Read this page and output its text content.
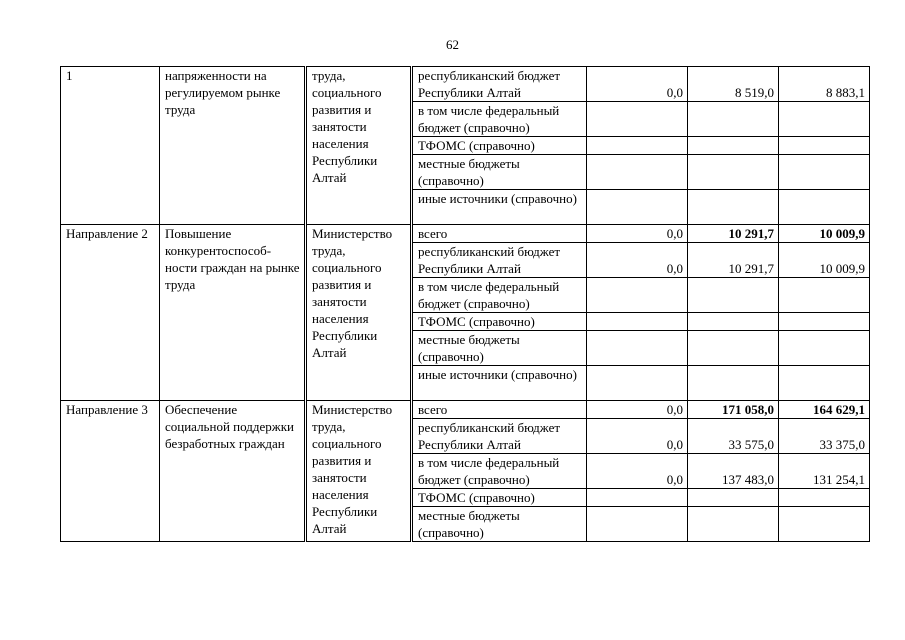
62
1	напряженности на регулируемом рынке труда	труда, социального развития и занятости населения Республики Алтай	республиканский бюджет Республики Алтай	0,0	8 519,0	8 883,1
			в том числе федеральный бюджет (справочно)			
			ТФОМС (справочно)			
			местные бюджеты (справочно)			
			иные источники (справочно)			
Направление 2	Повышение конкурентоспособ- ности граждан на рынке труда	Министерство труда, социального развития и занятости населения Республики Алтай	всего	0,0	10 291,7	10 009,9
			республиканский бюджет Республики Алтай	0,0	10 291,7	10 009,9
			в том числе федеральный бюджет (справочно)			
			ТФОМС (справочно)			
			местные бюджеты (справочно)			
			иные источники (справочно)			
Направление 3	Обеспечение социальной поддержки безработных граждан	Министерство труда, социального развития и занятости населения Республики Алтай	всего	0,0	171 058,0	164 629,1
			республиканский бюджет Республики Алтай	0,0	33 575,0	33 375,0
			в том числе федеральный бюджет (справочно)	0,0	137 483,0	131 254,1
			ТФОМС (справочно)			
			местные бюджеты (справочно)			
